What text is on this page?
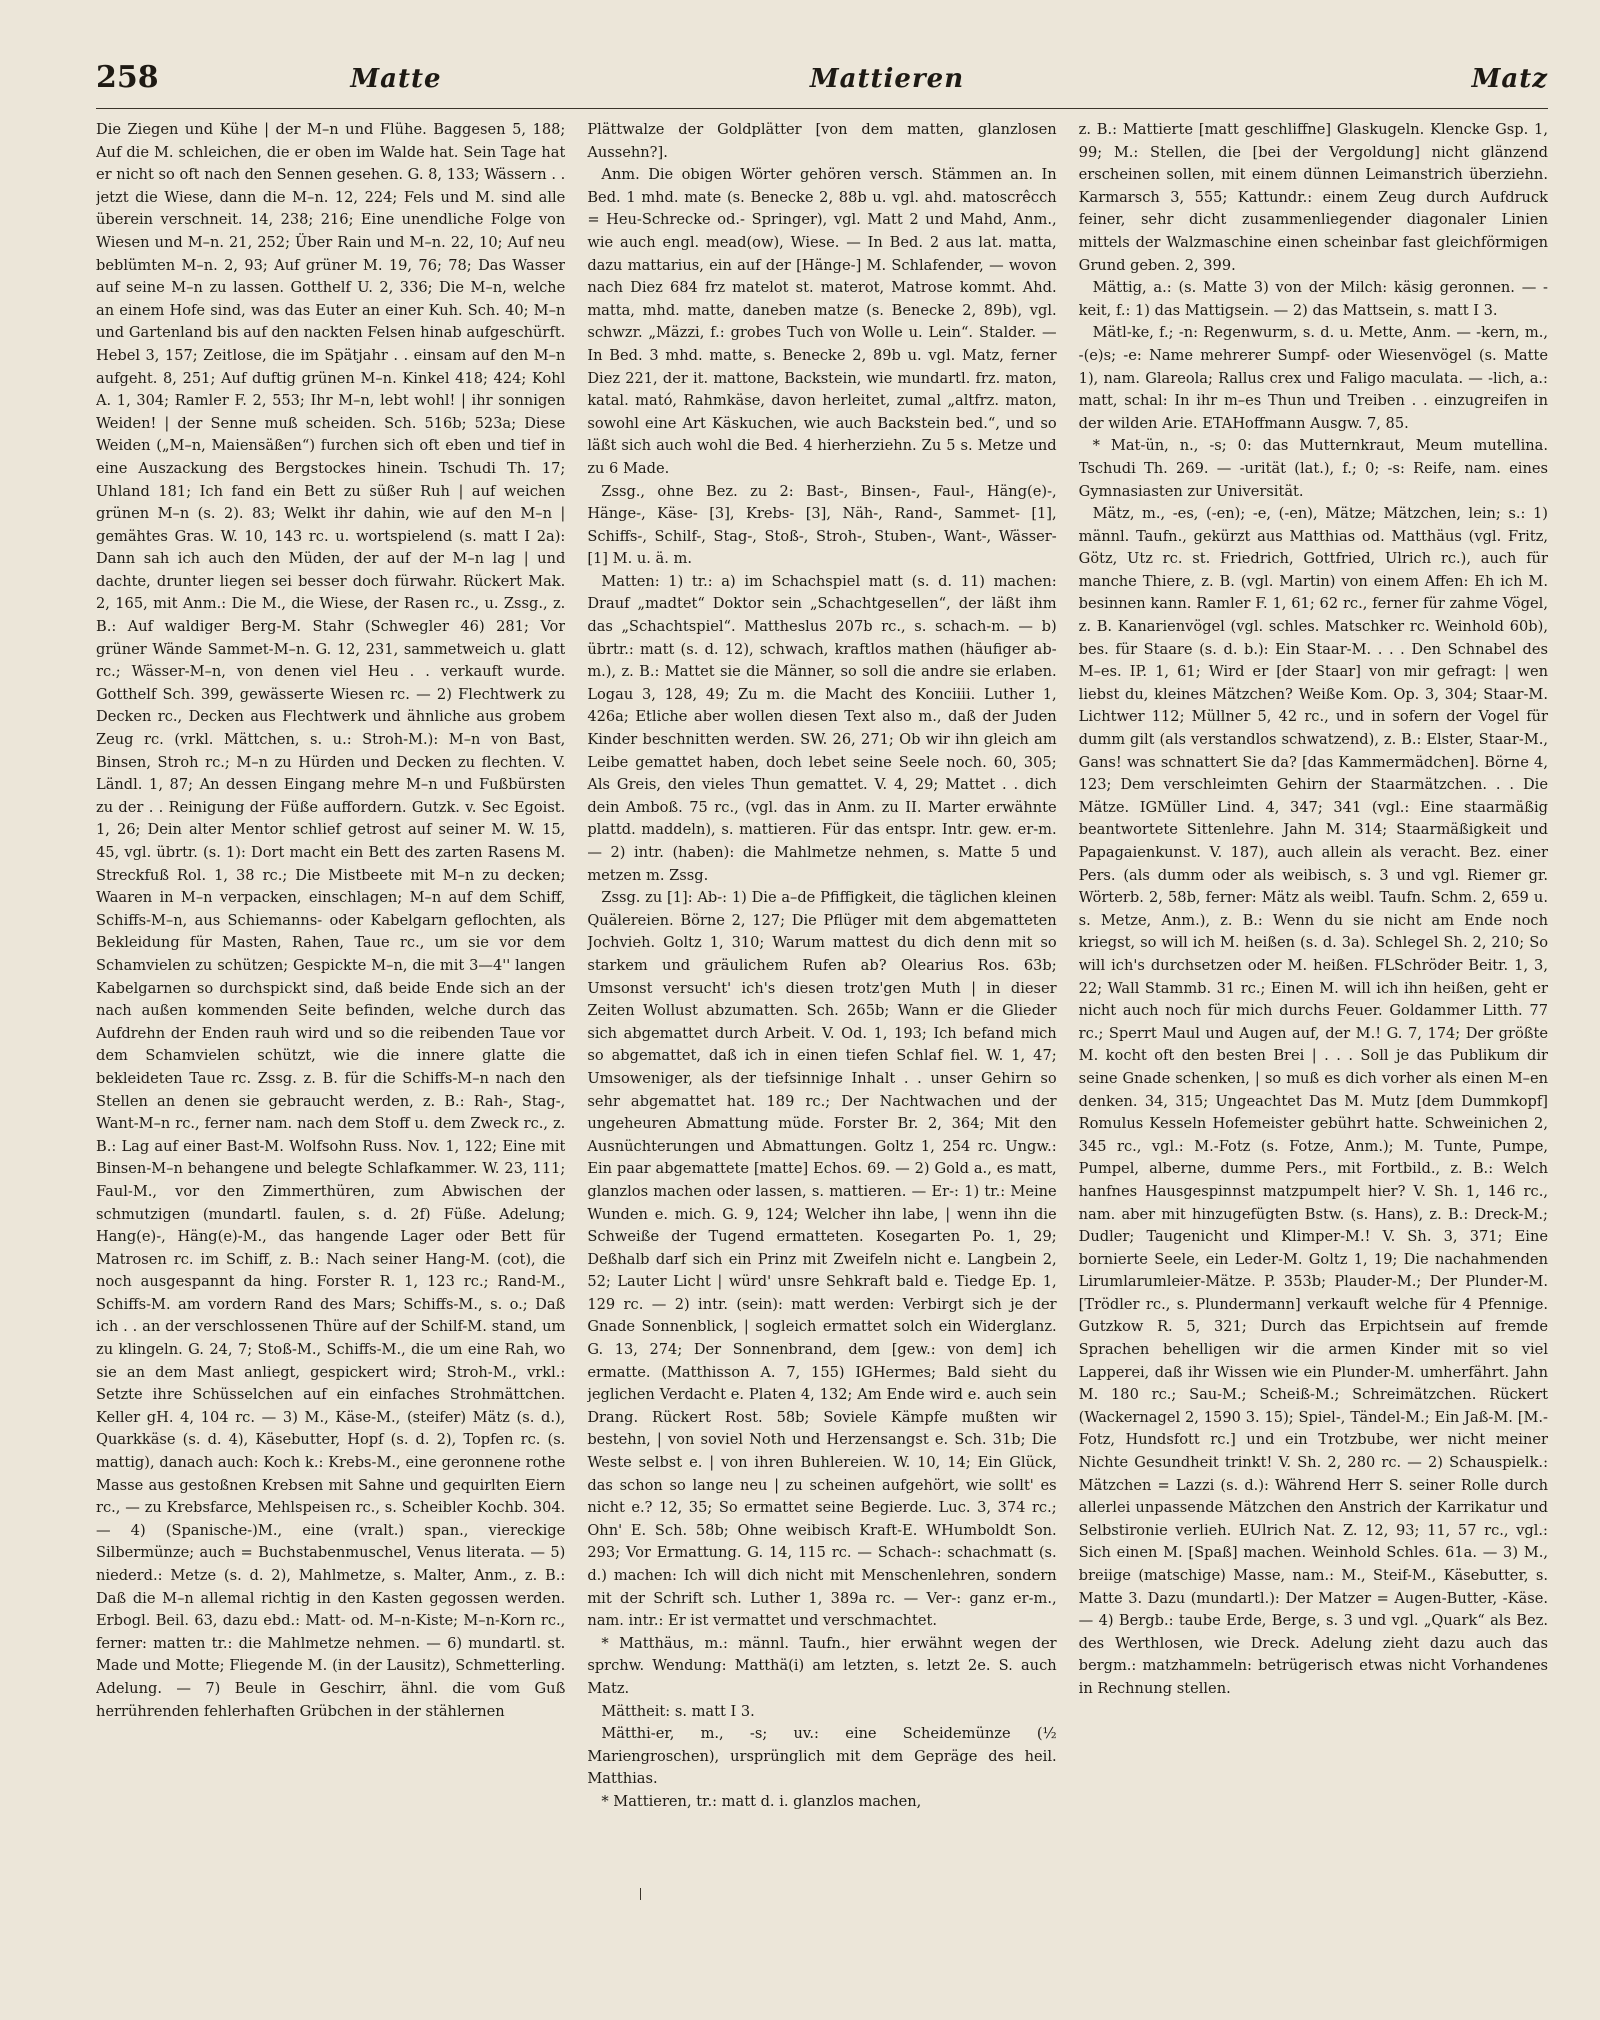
258	Matte	Mattieren	Matz

Die Ziegen und Kühe | der M–n und Flühe. Baggesen 5, 188; Auf die M. schleichen, die er oben im Walde hat. Sein Tage hat er nicht so oft nach den Sennen gesehen. G. 8, 133; Wässern . . jetzt die Wiese, dann die M–n. 12, 224; Fels und M. sind alle überein verschneit. 14, 238; 216; Eine unendliche Folge von Wiesen und M–n. 21, 252; Über Rain und M–n. 22, 10; Auf neu beblümten M–n. 2, 93; Auf grüner M. 19, 76; 78; Das Wasser auf seine M–n zu lassen. Gotthelf U. 2, 336; Die M–n, welche an einem Hofe sind, was das Euter an einer Kuh. Sch. 40; M–n und Gartenland bis auf den nackten Felsen hinab aufgeschürft. Hebel 3, 157; Zeitlose, die im Spätjahr . . einsam auf den M–n aufgeht. 8, 251; Auf duftig grünen M–n. Kinkel 418; 424; Kohl A. 1, 304; Ramler F. 2, 553; Ihr M–n, lebt wohl! | ihr sonnigen Weiden! | der Senne muß scheiden. Sch. 516b; 523a; Diese Weiden („M–n, Maiensäßen“) furchen sich oft eben und tief in eine Auszackung des Bergstockes hinein. Tschudi Th. 17; Uhland 181; Ich fand ein Bett zu süßer Ruh | auf weichen grünen M–n (s. 2). 83; Welkt ihr dahin, wie auf den M–n | gemähtes Gras. W. 10, 143 rc. u. wortspielend (s. matt I 2a): Dann sah ich auch den Müden, der auf der M–n lag | und dachte, drunter liegen sei besser doch fürwahr. Rückert Mak. 2, 165, mit Anm.: Die M., die Wiese, der Rasen rc., u. Zssg., z. B.: Auf waldiger Berg-M. Stahr (Schwegler 46) 281; Vor grüner Wände Sammet-M–n. G. 12, 231, sammetweich u. glatt rc.; Wässer-M–n, von denen viel Heu . . verkauft wurde. Gotthelf Sch. 399, gewässerte Wiesen rc. — 2) Flechtwerk zu Decken rc., Decken aus Flechtwerk und ähnliche aus grobem Zeug rc. (vrkl. Mättchen, s. u.: Stroh-M.): M–n von Bast, Binsen, Stroh rc.; M–n zu Hürden und Decken zu flechten. V. Ländl. 1, 87; An dessen Eingang mehre M–n und Fußbürsten zu der . . Reinigung der Füße auffordern. Gutzk. v. Sec Egoist. 1, 26; Dein alter Mentor schlief getrost auf seiner M. W. 15, 45, vgl. übrtr. (s. 1): Dort macht ein Bett des zarten Rasens M. Streckfuß Rol. 1, 38 rc.; Die Mistbeete mit M–n zu decken; Waaren in M–n verpacken, einschlagen; M–n auf dem Schiff, Schiffs-M–n, aus Schiemanns- oder Kabelgarn geflochten, als Bekleidung für Masten, Rahen, Taue rc., um sie vor dem Schamvielen zu schützen; Gespickte M–n, die mit 3—4'' langen Kabelgarnen so durchspickt sind, daß beide Ende sich an der nach außen kommenden Seite befinden, welche durch das Aufdrehn der Enden rauh wird und so die reibenden Taue vor dem Schamvielen schützt, wie die innere glatte die bekleideten Taue rc. Zssg. z. B. für die Schiffs-M–n nach den Stellen an denen sie gebraucht werden, z. B.: Rah-, Stag-, Want-M–n rc., ferner nam. nach dem Stoff u. dem Zweck rc., z. B.: Lag auf einer Bast-M. Wolfsohn Russ. Nov. 1, 122; Eine mit Binsen-M–n behangene und belegte Schlafkammer. W. 23, 111; Faul-M., vor den Zimmerthüren, zum Abwischen der schmutzigen (mundartl. faulen, s. d. 2f) Füße. Adelung; Hang(e)-, Häng(e)-M., das hangende Lager oder Bett für Matrosen rc. im Schiff, z. B.: Nach seiner Hang-M. (cot), die noch ausgespannt da hing. Forster R. 1, 123 rc.; Rand-M., Schiffs-M. am vordern Rand des Mars; Schiffs-M., s. o.; Daß ich . . an der verschlossenen Thüre auf der Schilf-M. stand, um zu klingeln. G. 24, 7; Stoß-M., Schiffs-M., die um eine Rah, wo sie an dem Mast anliegt, gespickert wird; Stroh-M., vrkl.: Setzte ihre Schüsselchen auf ein einfaches Strohmättchen. Keller gH. 4, 104 rc. — 3) M., Käse-M., (steifer) Mätz (s. d.), Quarkkäse (s. d. 4), Käsebutter, Hopf (s. d. 2), Topfen rc. (s. mattig), danach auch: Koch k.: Krebs-M., eine geronnene rothe Masse aus gestoßnen Krebsen mit Sahne und gequirlten Eiern rc., — zu Krebsfarce, Mehlspeisen rc., s. Scheibler Kochb. 304. — 4) (Spanische-)M., eine (vralt.) span., viereckige Silbermünze; auch = Buchstabenmuschel, Venus literata. — 5) niederd.: Metze (s. d. 2), Mahlmetze, s. Malter, Anm., z. B.: Daß die M–n allemal richtig in den Kasten gegossen werden. Erbogl. Beil. 63, dazu ebd.: Matt- od. M–n-Kiste; M–n-Korn rc., ferner: matten tr.: die Mahlmetze nehmen. — 6) mundartl. st. Made und Motte; Fliegende M. (in der Lausitz), Schmetterling. Adelung. — 7) Beule in Geschirr, ähnl. die vom Guß herrührenden fehlerhaften Grübchen in der stählernen

Plättwalze der Goldplätter [von dem matten, glanzlosen Aussehn?].

Anm. Die obigen Wörter gehören versch. Stämmen an. In Bed. 1 mhd. mate (s. Benecke 2, 88b u. vgl. ahd. matoscrêcch = Heu-Schrecke od.- Springer), vgl. Matt 2 und Mahd, Anm., wie auch engl. mead(ow), Wiese. — In Bed. 2 aus lat. matta, dazu mattarius, ein auf der [Hänge-] M. Schlafender, — wovon nach Diez 684 frz matelot st. materot, Matrose kommt. Ahd. matta, mhd. matte, daneben matze (s. Benecke 2, 89b), vgl. schwzr. „Mäzzi, f.: grobes Tuch von Wolle u. Lein“. Stalder. — In Bed. 3 mhd. matte, s. Benecke 2, 89b u. vgl. Matz, ferner Diez 221, der it. mattone, Backstein, wie mundartl. frz. maton, katal. mató, Rahmkäse, davon herleitet, zumal „altfrz. maton, sowohl eine Art Käskuchen, wie auch Backstein bed.“, und so läßt sich auch wohl die Bed. 4 hierherziehn. Zu 5 s. Metze und zu 6 Made.

Zssg., ohne Bez. zu 2: Bast-, Binsen-, Faul-, Häng(e)-, Hänge-, Käse- [3], Krebs- [3], Näh-, Rand-, Sammet- [1], Schiffs-, Schilf-, Stag-, Stoß-, Stroh-, Stuben-, Want-, Wässer- [1] M. u. ä. m.

Matten: 1) tr.: a) im Schachspiel matt (s. d. 11) machen: Drauf „madtet“ Doktor sein „Schachtgesellen“, der läßt ihm das „Schachtspiel“. Mattheslus 207b rc., s. schach-m. — b) übrtr.: matt (s. d. 12), schwach, kraftlos mathen (häufiger ab-m.), z. B.: Mattet sie die Männer, so soll die andre sie erlaben. Logau 3, 128, 49; Zu m. die Macht des Konciiii. Luther 1, 426a; Etliche aber wollen diesen Text also m., daß der Juden Kinder beschnitten werden. SW. 26, 271; Ob wir ihn gleich am Leibe gemattet haben, doch lebet seine Seele noch. 60, 305; Als Greis, den vieles Thun gemattet. V. 4, 29; Mattet . . dich dein Amboß. 75 rc., (vgl. das in Anm. zu II. Marter erwähnte plattd. maddeln), s. mattieren. Für das entspr. Intr. gew. er-m. — 2) intr. (haben): die Mahlmetze nehmen, s. Matte 5 und metzen m. Zssg.

Zssg. zu [1]: Ab-: 1) Die a–de Pfiffigkeit, die täglichen kleinen Quälereien. Börne 2, 127; Die Pflüger mit dem abgematteten Jochvieh. Goltz 1, 310; Warum mattest du dich denn mit so starkem und gräulichem Rufen ab? Olearius Ros. 63b; Umsonst versucht' ich's diesen trotz'gen Muth | in dieser Zeiten Wollust abzumatten. Sch. 265b; Wann er die Glieder sich abgemattet durch Arbeit. V. Od. 1, 193; Ich befand mich so abgemattet, daß ich in einen tiefen Schlaf fiel. W. 1, 47; Umsoweniger, als der tiefsinnige Inhalt . . unser Gehirn so sehr abgemattet hat. 189 rc.; Der Nachtwachen und der ungeheuren Abmattung müde. Forster Br. 2, 364; Mit den Ausnüchterungen und Abmattungen. Goltz 1, 254 rc. Ungw.: Ein paar abgemattete [matte] Echos. 69. — 2) Gold a., es matt, glanzlos machen oder lassen, s. mattieren. — Er-: 1) tr.: Meine Wunden e. mich. G. 9, 124; Welcher ihn labe, | wenn ihn die Schweiße der Tugend ermatteten. Kosegarten Po. 1, 29; Deßhalb darf sich ein Prinz mit Zweifeln nicht e. Langbein 2, 52; Lauter Licht | würd' unsre Sehkraft bald e. Tiedge Ep. 1, 129 rc. — 2) intr. (sein): matt werden: Verbirgt sich je der Gnade Sonnenblick, | sogleich ermattet solch ein Widerglanz. G. 13, 274; Der Sonnenbrand, dem [gew.: von dem] ich ermatte. (Matthisson A. 7, 155) IGHermes; Bald sieht du jeglichen Verdacht e. Platen 4, 132; Am Ende wird e. auch sein Drang. Rückert Rost. 58b; Soviele Kämpfe mußten wir bestehn, | von soviel Noth und Herzensangst e. Sch. 31b; Die Weste selbst e. | von ihren Buhlereien. W. 10, 14; Ein Glück, das schon so lange neu | zu scheinen aufgehört, wie sollt' es nicht e.? 12, 35; So ermattet seine Begierde. Luc. 3, 374 rc.; Ohn' E. Sch. 58b; Ohne weibisch Kraft-E. WHumboldt Son. 293; Vor Ermattung. G. 14, 115 rc. — Schach-: schachmatt (s. d.) machen: Ich will dich nicht mit Menschenlehren, sondern mit der Schrift sch. Luther 1, 389a rc. — Ver-: ganz er-m., nam. intr.: Er ist vermattet und verschmachtet.

* Matthäus, m.: männl. Taufn., hier erwähnt wegen der sprchw. Wendung: Matthä(i) am letzten, s. letzt 2e. S. auch Matz.

Mättheit: s. matt I 3.

Mätthi-er, m., -s; uv.: eine Scheidemünze (½ Mariengroschen), ursprünglich mit dem Gepräge des heil. Matthias.

* Mattieren, tr.: matt d. i. glanzlos machen,

z. B.: Mattierte [matt geschliffne] Glaskugeln. Klencke Gsp. 1, 99; M.: Stellen, die [bei der Vergoldung] nicht glänzend erscheinen sollen, mit einem dünnen Leimanstrich überziehn. Karmarsch 3, 555; Kattundr.: einem Zeug durch Aufdruck feiner, sehr dicht zusammenliegender diagonaler Linien mittels der Walzmaschine einen scheinbar fast gleichförmigen Grund geben. 2, 399.

Mättig, a.: (s. Matte 3) von der Milch: käsig geronnen. — -keit, f.: 1) das Mattigsein. — 2) das Mattsein, s. matt I 3.

Mätl-ke, f.; -n: Regenwurm, s. d. u. Mette, Anm. — -kern, m., -(e)s; -e: Name mehrerer Sumpf- oder Wiesenvögel (s. Matte 1), nam. Glareola; Rallus crex und Faligo maculata. — -lich, a.: matt, schal: In ihr m–es Thun und Treiben . . einzugreifen in der wilden Arie. ETAHoffmann Ausgw. 7, 85.

* Mat-ün, n., -s; 0: das Mutternkraut, Meum mutellina. Tschudi Th. 269. — -urität (lat.), f.; 0; -s: Reife, nam. eines Gymnasiasten zur Universität.

Mätz, m., -es, (-en); -e, (-en), Mätze; Mätzchen, lein; s.: 1) männl. Taufn., gekürzt aus Matthias od. Matthäus (vgl. Fritz, Götz, Utz rc. st. Friedrich, Gottfried, Ulrich rc.), auch für manche Thiere, z. B. (vgl. Martin) von einem Affen: Eh ich M. besinnen kann. Ramler F. 1, 61; 62 rc., ferner für zahme Vögel, z. B. Kanarienvögel (vgl. schles. Matschker rc. Weinhold 60b), bes. für Staare (s. d. b.): Ein Staar-M. . . . Den Schnabel des M–es. IP. 1, 61; Wird er [der Staar] von mir gefragt: | wen liebst du, kleines Mätzchen? Weiße Kom. Op. 3, 304; Staar-M. Lichtwer 112; Müllner 5, 42 rc., und in sofern der Vogel für dumm gilt (als verstandlos schwatzend), z. B.: Elster, Staar-M., Gans! was schnattert Sie da? [das Kammermädchen]. Börne 4, 123; Dem verschleimten Gehirn der Staarmätzchen. . . Die Mätze. IGMüller Lind. 4, 347; 341 (vgl.: Eine staarmäßig beantwortete Sittenlehre. Jahn M. 314; Staarmäßigkeit und Papagaienkunst. V. 187), auch allein als veracht. Bez. einer Pers. (als dumm oder als weibisch, s. 3 und vgl. Riemer gr. Wörterb. 2, 58b, ferner: Mätz als weibl. Taufn. Schm. 2, 659 u. s. Metze, Anm.), z. B.: Wenn du sie nicht am Ende noch kriegst, so will ich M. heißen (s. d. 3a). Schlegel Sh. 2, 210; So will ich's durchsetzen oder M. heißen. FLSchröder Beitr. 1, 3, 22; Wall Stammb. 31 rc.; Einen M. will ich ihn heißen, geht er nicht auch noch für mich durchs Feuer. Goldammer Litth. 77 rc.; Sperrt Maul und Augen auf, der M.! G. 7, 174; Der größte M. kocht oft den besten Brei | . . . Soll je das Publikum dir seine Gnade schenken, | so muß es dich vorher als einen M–en denken. 34, 315; Ungeachtet Das M. Mutz [dem Dummkopf] Romulus Kesseln Hofemeister gebührt hatte. Schweinichen 2, 345 rc., vgl.: M.-Fotz (s. Fotze, Anm.); M. Tunte, Pumpe, Pumpel, alberne, dumme Pers., mit Fortbild., z. B.: Welch hanfnes Hausgespinnst matzpumpelt hier? V. Sh. 1, 146 rc., nam. aber mit hinzugefügten Bstw. (s. Hans), z. B.: Dreck-M.; Dudler; Taugenicht und Klimper-M.! V. Sh. 3, 371; Eine bornierte Seele, ein Leder-M. Goltz 1, 19; Die nachahmenden Lirumlarumleier-Mätze. P. 353b; Plauder-M.; Der Plunder-M. [Trödler rc., s. Plundermann] verkauft welche für 4 Pfennige. Gutzkow R. 5, 321; Durch das Erpichtsein auf fremde Sprachen behelligen wir die armen Kinder mit so viel Lapperei, daß ihr Wissen wie ein Plunder-M. umherfährt. Jahn M. 180 rc.; Sau-M.; Scheiß-M.; Schreimätzchen. Rückert (Wackernagel 2, 1590 3. 15); Spiel-, Tändel-M.; Ein Jaß-M. [M.-Fotz, Hundsfott rc.] und ein Trotzbube, wer nicht meiner Nichte Gesundheit trinkt! V. Sh. 2, 280 rc. — 2) Schauspielk.: Mätzchen = Lazzi (s. d.): Während Herr S. seiner Rolle durch allerlei unpassende Mätzchen den Anstrich der Karrikatur und Selbstironie verlieh. EUlrich Nat. Z. 12, 93; 11, 57 rc., vgl.: Sich einen M. [Spaß] machen. Weinhold Schles. 61a. — 3) M., breiige (matschige) Masse, nam.: M., Steif-M., Käsebutter, s. Matte 3. Dazu (mundartl.): Der Matzer = Augen-Butter, -Käse. — 4) Bergb.: taube Erde, Berge, s. 3 und vgl. „Quark“ als Bez. des Werthlosen, wie Dreck. Adelung zieht dazu auch das bergm.: matzhammeln: betrügerisch etwas nicht Vorhandenes in Rechnung stellen.
